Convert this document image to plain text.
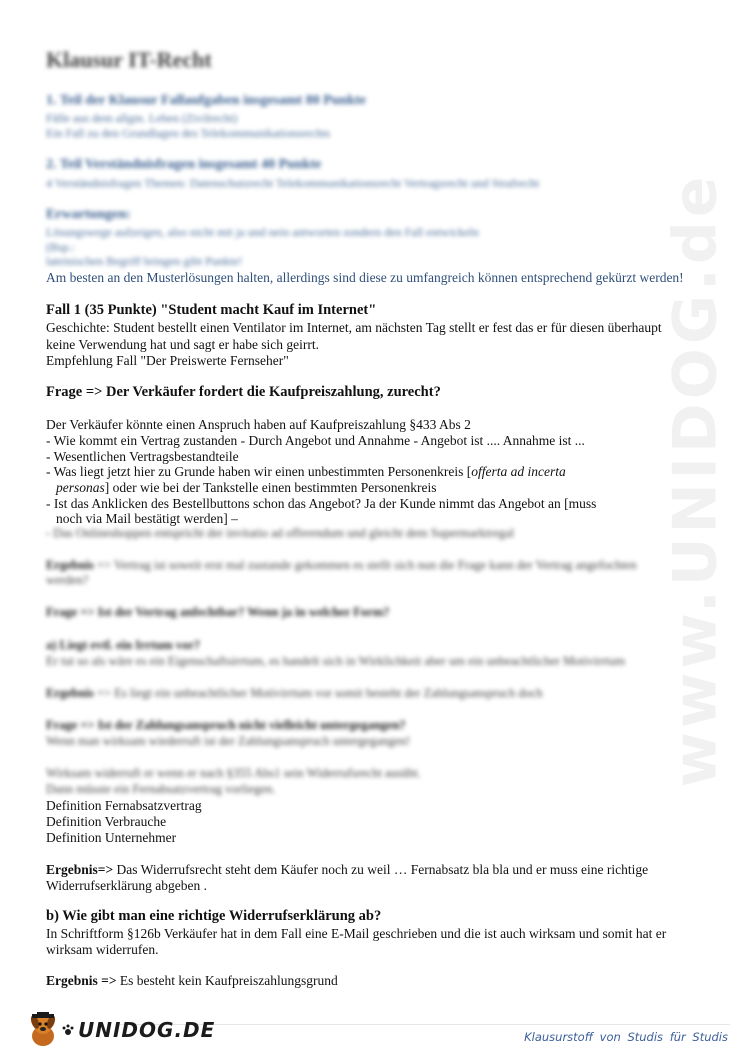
www.UNIDOG.de

Klausur IT-Recht

1. Teil der Klausur Fallaufgaben insgesamt 80 Punkte

Fälle aus dem allgm. Leben (Zivilrecht)

Ein Fall zu den Grundlagen des Telekommunikationsrechts

2. Teil Verständnisfragen insgesamt 40 Punkte

4 Verständnisfragen Themen: Datenschutzrecht Telekommunikationsrecht Vertragsrecht und Strafrecht

Erwartungen:

Lösungswege aufzeigen, also nicht mit ja und nein antworten sondern den Fall entwickeln

(Bsp.:

lateinischen Begriff bringen gibt Punkte!

Am besten an den Musterlösungen halten, allerdings sind diese zu umfangreich können entsprechend gekürzt werden!

Fall 1 (35 Punkte) "Student macht Kauf im Internet"

Geschichte: Student bestellt einen Ventilator im Internet, am nächsten Tag stellt er fest das er für diesen überhaupt

keine Verwendung hat und sagt er habe sich geirrt.

Empfehlung Fall "Der Preiswerte Fernseher"

Frage => Der Verkäufer fordert die Kaufpreiszahlung, zurecht?

Der Verkäufer könnte einen Anspruch haben auf Kaufpreiszahlung §433 Abs 2

- Wie kommt ein Vertrag zustanden - Durch Angebot und Annahme - Angebot ist .... Annahme ist ...

- Wesentlichen Vertragsbestandteile

- Was liegt jetzt hier zu Grunde haben wir einen unbestimmten Personenkreis [offerta ad incerta

personas] oder wie bei der Tankstelle einen bestimmten Personenkreis

- Ist das Anklicken des Bestellbuttons schon das Angebot? Ja der Kunde nimmt das Angebot an [muss

noch via Mail bestätigt werden] –

- Das Onlineshoppen entspricht der invitatio ad offerendum und gleicht dem Supermarktregal

Ergebnis => Vertrag ist soweit erst mal zustande gekommen es stellt sich nun die Frage kann der Vertrag angefochten

werden?

Frage => Ist der Vertrag anfechtbar? Wenn ja in welcher Form?

a) Liegt evtl. ein Irrtum vor?

Er tut so als wäre es ein Eigenschaftsirrtum, es handelt sich in Wirklichkeit aber um ein unbeachtlicher Motivirrtum

Ergebnis => Es liegt ein unbeachtlicher Motivirrtum vor somit besteht der Zahlungsanspruch doch

Frage => Ist der Zahlungsanspruch nicht vielleicht untergegangen?

Wenn man wirksam wiederruft ist der Zahlungsanspruch untergegangen!

Wirksam widerruft er wenn er nach §355 Abs1 sein Widerrufsrecht ausübt.

Dann müsste ein Fernabsatzvertrag vorliegen.

Definition Fernabsatzvertrag

Definition Verbrauche

Definition Unternehmer

Ergebnis=> Das Widerrufsrecht steht dem Käufer noch zu weil … Fernabsatz bla bla und er muss eine richtige

Widerrufserklärung abgeben .

b) Wie gibt man eine richtige Widerrufserklärung ab?

In Schriftform §126b Verkäufer hat in dem Fall eine E-Mail geschrieben und die ist auch wirksam und somit hat er

wirksam widerrufen.

Ergebnis => Es besteht kein Kaufpreiszahlungsgrund

UNIDOG.DE	Klausurstoff von Studis für Studis
